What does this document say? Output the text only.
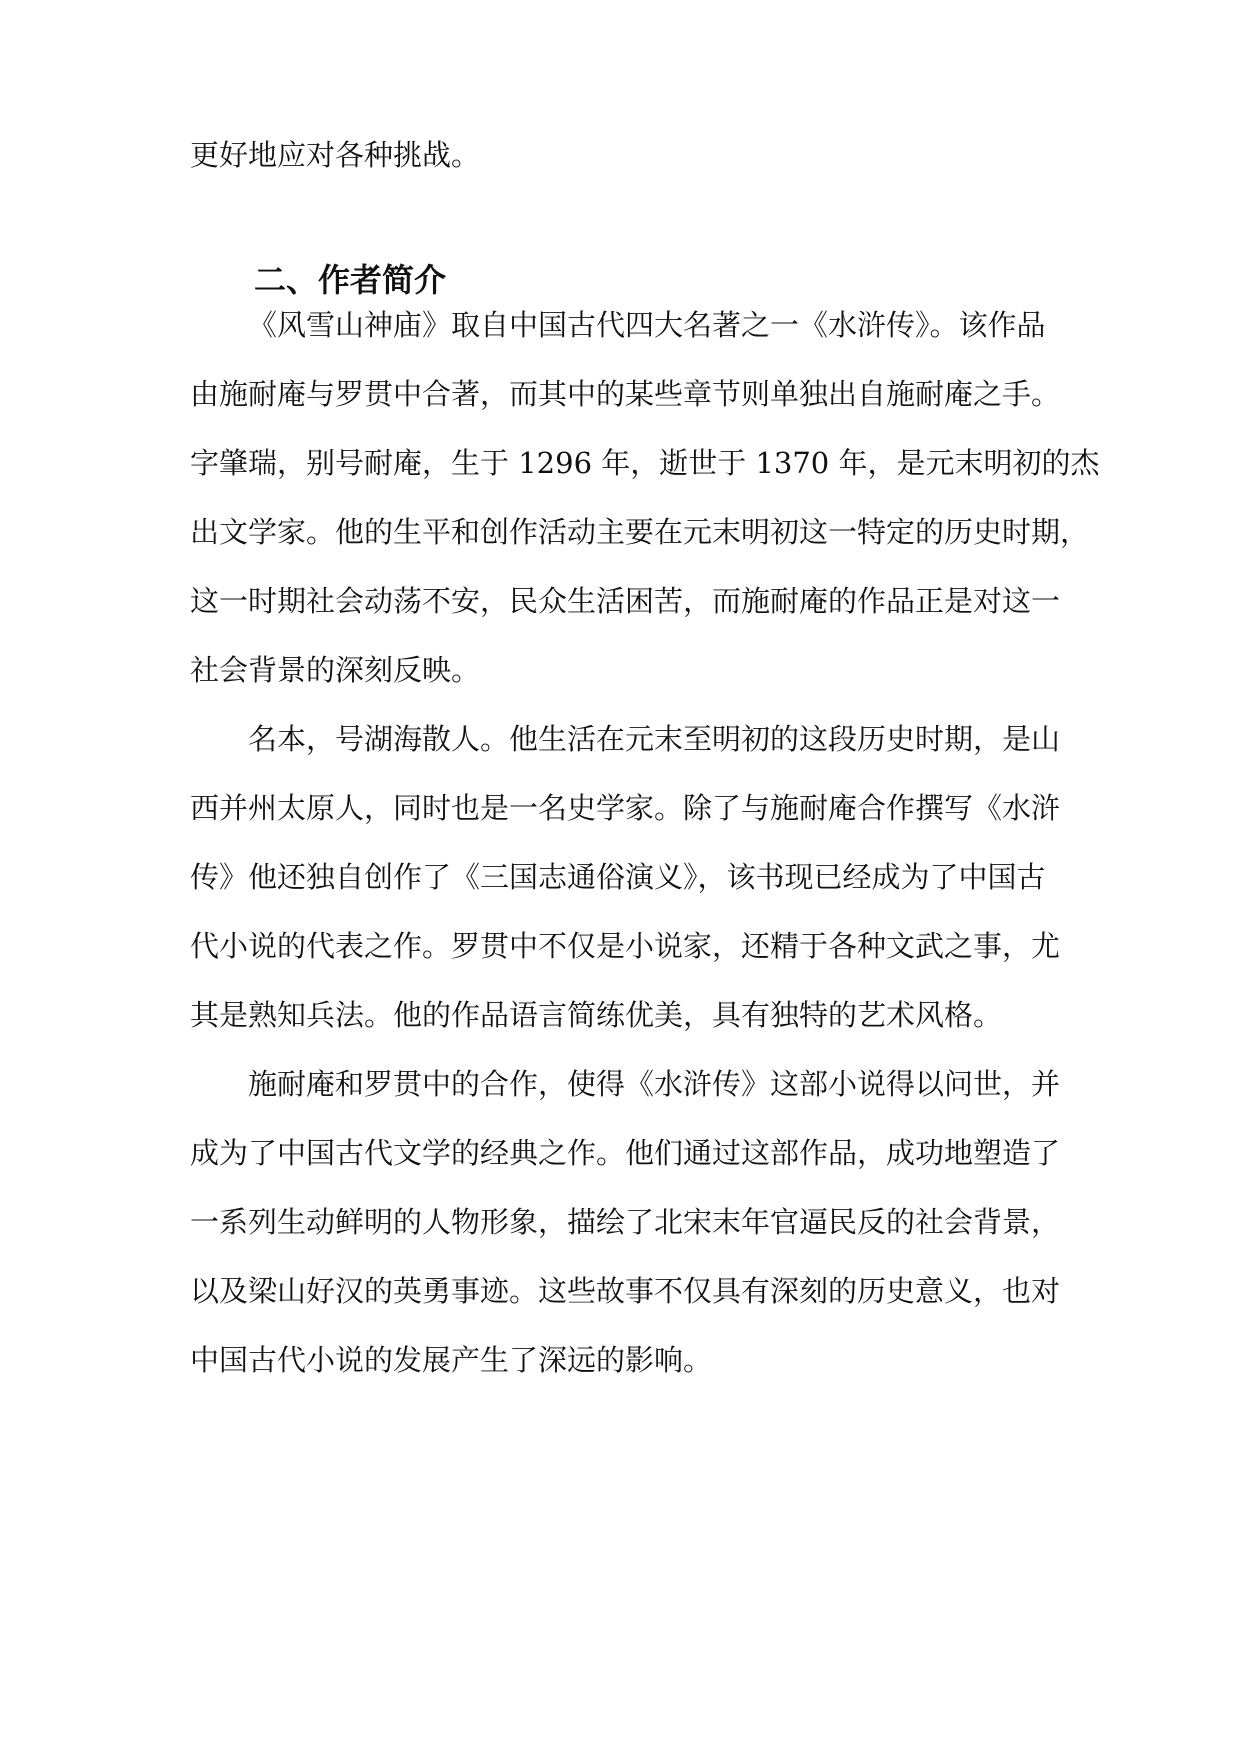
更好地应对各种挑战。
二、作者简介
《风雪山神庙》取自中国古代四大名著之一《水浒传》。该作品
由施耐庵与罗贯中合著，而其中的某些章节则单独出自施耐庵之手。
字肇瑞，别号耐庵，生于 1296 年，逝世于 1370 年，是元末明初的杰
出文学家。他的生平和创作活动主要在元末明初这一特定的历史时期，
这一时期社会动荡不安，民众生活困苦，而施耐庵的作品正是对这一
社会背景的深刻反映。
名本，号湖海散人。他生活在元末至明初的这段历史时期，是山
西并州太原人，同时也是一名史学家。除了与施耐庵合作撰写《水浒
传》他还独自创作了《三国志通俗演义》，该书现已经成为了中国古
代小说的代表之作。罗贯中不仅是小说家，还精于各种文武之事，尤
其是熟知兵法。他的作品语言简练优美，具有独特的艺术风格。
施耐庵和罗贯中的合作，使得《水浒传》这部小说得以问世，并
成为了中国古代文学的经典之作。他们通过这部作品，成功地塑造了
一系列生动鲜明的人物形象，描绘了北宋末年官逼民反的社会背景，
以及梁山好汉的英勇事迹。这些故事不仅具有深刻的历史意义，也对
中国古代小说的发展产生了深远的影响。
